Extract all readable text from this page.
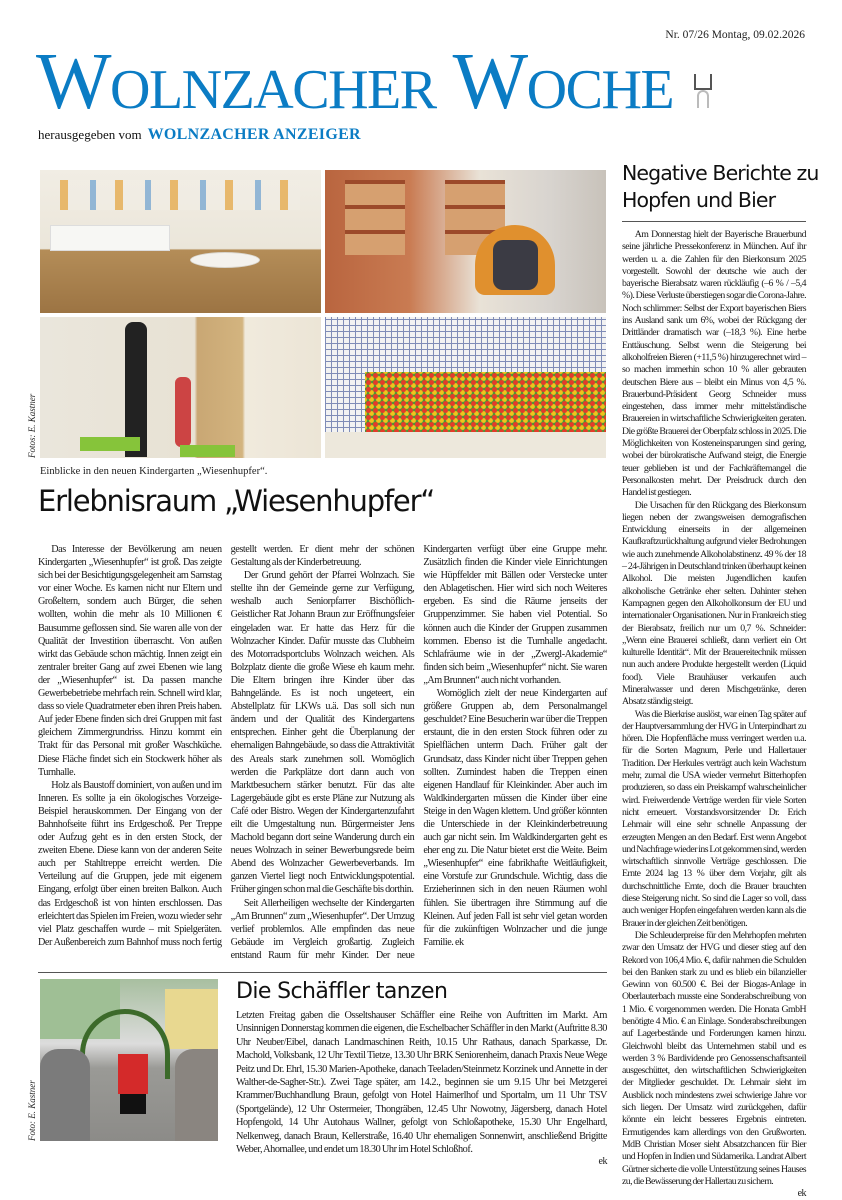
Nr. 07/26 Montag, 09.02.2026
Wolnzacher Woche
herausgegeben vom WOLNZACHER ANZEIGER
Fotos: E. Kastner
Einblicke in den neuen Kindergarten „Wiesenhupfer“.
Erlebnisraum „Wiesenhupfer“

Das Interesse der Bevölkerung am neuen Kindergarten „Wiesenhupfer“ ist groß. Das zeigte sich bei der Besichtigungsgelegenheit am Samstag vor einer Woche. Es kamen nicht nur Eltern und Großeltern, sondern auch Bürger, die sehen wollten, wohin die mehr als 10 Millionen € Bausumme geflossen sind. Sie waren alle von der Qualität der Investition überrascht. Von außen wirkt das Gebäude schon mächtig. Innen zeigt ein zentraler breiter Gang auf zwei Ebenen wie lang der „Wiesenhupfer“ ist. Da passen manche Gewerbebetriebe mehrfach rein. Schnell wird klar, dass so viele Quadratmeter eben ihren Preis haben. Auf jeder Ebene finden sich drei Gruppen mit fast gleichem Zimmergrundriss. Hinzu kommt ein Trakt für das Personal mit großer Waschküche. Diese Fläche findet sich ein Stockwerk höher als Turnhalle.

Holz als Baustoff dominiert, von außen und im Inneren. Es sollte ja ein ökologisches Vorzeige-Beispiel herauskommen. Der Eingang von der Bahnhofseite führt ins Erdgeschoß. Per Treppe oder Aufzug geht es in den ersten Stock, der zweiten Ebene. Diese kann von der anderen Seite auch per Stahltreppe erreicht werden. Die Verteilung auf die Gruppen, jede mit eigenem Eingang, erfolgt über einen breiten Balkon. Auch das Erdgeschoß ist von hinten erschlossen. Das erleichtert das Spielen im Freien, wozu wieder sehr viel Platz geschaffen wurde – mit Spielgeräten. Der Außenbereich zum Bahnhof muss noch fertig gestellt werden. Er dient mehr der schönen Gestaltung als der Kinderbetreuung.

Der Grund gehört der Pfarrei Wolnzach. Sie stellte ihn der Gemeinde gerne zur Verfügung, weshalb auch Seniorpfarrer Bischöflich-Geistlicher Rat Johann Braun zur Eröffnungsfeier eingeladen war. Er hatte das Herz für die Wolnzacher Kinder. Dafür musste das Clubheim des Motorradsportclubs Wolnzach weichen. Als Bolzplatz diente die große Wiese eh kaum mehr. Die Eltern bringen ihre Kinder über das Bahngelände. Es ist noch ungeteert, ein Abstellplatz für LKWs u.ä. Das soll sich nun ändern und der Qualität des Kindergartens entsprechen. Einher geht die Überplanung der ehemaligen Bahngebäude, so dass die Attraktivität des Areals stark zunehmen soll. Womöglich werden die Parkplätze dort dann auch von Marktbesuchern stärker benutzt. Für das alte Lagergebäude gibt es erste Pläne zur Nutzung als Café oder Bistro. Wegen der Kindergartenzufahrt eilt die Umgestaltung nun. Bürgermeister Jens Machold begann dort seine Wanderung durch ein neues Wolnzach in seiner Bewerbungsrede beim Abend des Wolnzacher Gewerbeverbands. Im ganzen Viertel liegt noch Entwicklungspotential. Früher gingen schon mal die Geschäfte bis dorthin.

Seit Allerheiligen wechselte der Kindergarten „Am Brunnen“ zum „Wiesenhupfer“. Der Umzug verlief problemlos. Alle empfinden das neue Gebäude im Vergleich großartig. Zugleich entstand Raum für mehr Kinder. Der neue Kindergarten verfügt über eine Gruppe mehr. Zusätzlich finden die Kinder viele Einrichtungen wie Hüpffelder mit Bällen oder Verstecke unter den Ablagetischen. Hier wird sich noch Weiteres ergeben. Es sind die Räume jenseits der Gruppenzimmer. Sie haben viel Potential. So können auch die Kinder der Gruppen zusammen kommen. Ebenso ist die Turnhalle angedacht. Schlafräume wie in der „Zwergl-Akademie“ finden sich beim „Wiesenhupfer“ nicht. Sie waren „Am Brunnen“ auch nicht vorhanden.

Womöglich zielt der neue Kindergarten auf größere Gruppen ab, dem Personalmangel geschuldet? Eine Besucherin war über die Treppen erstaunt, die in den ersten Stock führen oder zu Spielflächen unterm Dach. Früher galt der Grundsatz, dass Kinder nicht über Treppen gehen sollten. Zumindest haben die Treppen einen eigenen Handlauf für Kleinkinder. Aber auch im Waldkindergarten müssen die Kinder über eine Steige in den Wagen klettern. Und größer könnten die Unterschiede in der Kleinkinderbetreuung auch gar nicht sein. Im Waldkindergarten geht es eher eng zu. Die Natur bietet erst die Weite. Beim „Wiesenhupfer“ eine fabrikhafte Weitläufigkeit, eine Vorstufe zur Grundschule. Wichtig, dass die Erzieherinnen sich in den neuen Räumen wohl fühlen. Sie übertragen ihre Stimmung auf die Kleinen. Auf jeden Fall ist sehr viel getan worden für die zukünftigen Wolnzacher und die junge Familie. ek

Foto: E. Kastner
Die Schäffler tanzen

Letzten Freitag gaben die Osseltshauser Schäffler eine Reihe von Auftritten im Markt. Am Unsinnigen Donnerstag kommen die eigenen, die Eschelbacher Schäffler in den Markt (Auftritte 8.30 Uhr Neuber/Eibel, danach Landmaschinen Reith, 10.15 Uhr Rathaus, danach Sparkasse, Dr. Machold, Volksbank, 12 Uhr Textil Tietze, 13.30 Uhr BRK Seniorenheim, danach Praxis Neue Wege Peitz und Dr. Ehrl, 15.30 Marien-Apotheke, danach Teeladen/Steinmetz Korzinek und Annette in der Walther-de-Sagher-Str.). Zwei Tage später, am 14.2., beginnen sie um 9.15 Uhr bei Metzgerei Krammer/Buchhandlung Braun, gefolgt von Hotel Haimerlhof und Sportalm, um 11 Uhr TSV (Sportgelände), 12 Uhr Ostermeier, Thongräben, 12.45 Uhr Nowotny, Jägersberg, danach Hotel Hopfengold, 14 Uhr Autohaus Wallner, gefolgt von Schloßapotheke, 15.30 Uhr Engelhard, Nelkenweg, danach Braun, Kellerstraße, 16.40 Uhr ehemaligen Sonnenwirt, anschließend Brigitte Weber, Ahornallee, und endet um 18.30 Uhr im Hotel Schloßhof.

ek
Negative Berichte zu
Hopfen und Bier

Am Donnerstag hielt der Bayerische Brauerbund seine jährliche Pressekonferenz in München. Auf ihr werden u. a. die Zahlen für den Bierkonsum 2025 vorgestellt. Sowohl der deutsche wie auch der bayerische Bierabsatz waren rückläufig (–6 % / –5,4 %). Diese Verluste überstiegen sogar die Corona-Jahre. Noch schlimmer: Selbst der Export bayerischen Biers ins Ausland sank um 6%, wobei der Rückgang der Drittländer dramatisch war (–18,3 %). Eine herbe Enttäuschung. Selbst wenn die Steigerung bei alkoholfreien Bieren (+11,5 %) hinzugerechnet wird – so machen immerhin schon 10 % aller gebrauten deutschen Biere aus – bleibt ein Minus von 4,5 %. Brauerbund-Präsident Georg Schneider muss eingestehen, dass immer mehr mittelständische Brauereien in wirtschaftliche Schwierigkeiten geraten. Die größte Brauerei der Oberpfalz schloss in 2025. Die Möglichkeiten von Kosteneinsparungen sind gering, wobei der bürokratische Aufwand steigt, die Energie teuer geblieben ist und der Fachkräftemangel die Personalkosten mehrt. Der Preisdruck durch den Handel ist gestiegen.

Die Ursachen für den Rückgang des Bierkonsum liegen neben der zwangsweisen demografischen Entwicklung einerseits in der allgemeinen Kaufkraftzurückhaltung aufgrund vieler Bedrohungen wie auch zunehmende Alkoholabstinenz. 49 % der 18 – 24-Jährigen in Deutschland trinken überhaupt keinen Alkohol. Die meisten Jugendlichen kaufen alkoholische Getränke eher selten. Dahinter stehen Kampagnen gegen den Alkoholkonsum der EU und internationaler Organisationen. Nur in Frankreich stieg der Bierabsatz, freilich nur um 0,7 %. Schneider: „Wenn eine Brauerei schließt, dann verliert ein Ort kulturelle Identität“. Mit der Brauereitechnik müssen nun auch andere Produkte hergestellt werden (Liquid food). Viele Brauhäuser verkaufen auch Mineralwasser und deren Mischgetränke, deren Absatz ständig steigt.

Was die Bierkrise auslöst, war einen Tag später auf der Hauptversammlung der HVG in Unterpindhart zu hören. Die Hopfenfläche muss verringert werden u.a. für die Sorten Magnum, Perle und Hallertauer Tradition. Der Herkules verträgt auch kein Wachstum mehr, zumal die USA wieder vermehrt Bitterhopfen produzieren, so dass ein Preiskampf wahrscheinlicher wird. Freiwerdende Verträge werden für viele Sorten nicht erneuert. Vorstandsvorsitzender Dr. Erich Lehmair will eine sehr schnelle Anpassung der erzeugten Mengen an den Bedarf. Erst wenn Angebot und Nachfrage wieder ins Lot gekommen sind, werden wirtschaftlich sinnvolle Verträge geschlossen. Die Ernte 2024 lag 13 % über dem Vorjahr, gilt als durchschnittliche Ernte, doch die Brauer brauchten diese Steigerung nicht. So sind die Lager so voll, dass auch weniger Hopfen eingefahren werden kann als die Brauer in der gleichen Zeit benötigen.

Die Schleuderpreise für den Mehrhopfen mehrten zwar den Umsatz der HVG und dieser stieg auf den Rekord von 106,4 Mio. €, dafür nahmen die Schulden bei den Banken stark zu und es blieb ein bilanzieller Gewinn von 60.500 €. Bei der Biogas-Anlage in Oberlauterbach musste eine Sonderabschreibung von 1 Mio. € vorgenommen werden. Die Honata GmbH benötigte 4 Mio. € an Einlage. Sonderabschreibungen auf Lagerbestände und Forderungen kamen hinzu. Gleichwohl bleibt das Unternehmen stabil und es werden 3 % Bardividende pro Genossenschaftsanteil ausgeschüttet, den wirtschaftlichen Schwierigkeiten der Mitglieder geschuldet. Dr. Lehmair sieht im Ausblick noch mindestens zwei schwierige Jahre vor sich liegen. Der Umsatz wird zurückgehen, dafür könnte ein leicht besseres Ergebnis eintreten. Ermutigendes kam allerdings von den Grußworten. MdB Christian Moser sieht Absatzchancen für Bier und Hopfen in Indien und Südamerika. Landrat Albert Gürtner sicherte die volle Unterstützung seines Hauses zu, die Bewässerung der Hallertau zu sichern.

ek
